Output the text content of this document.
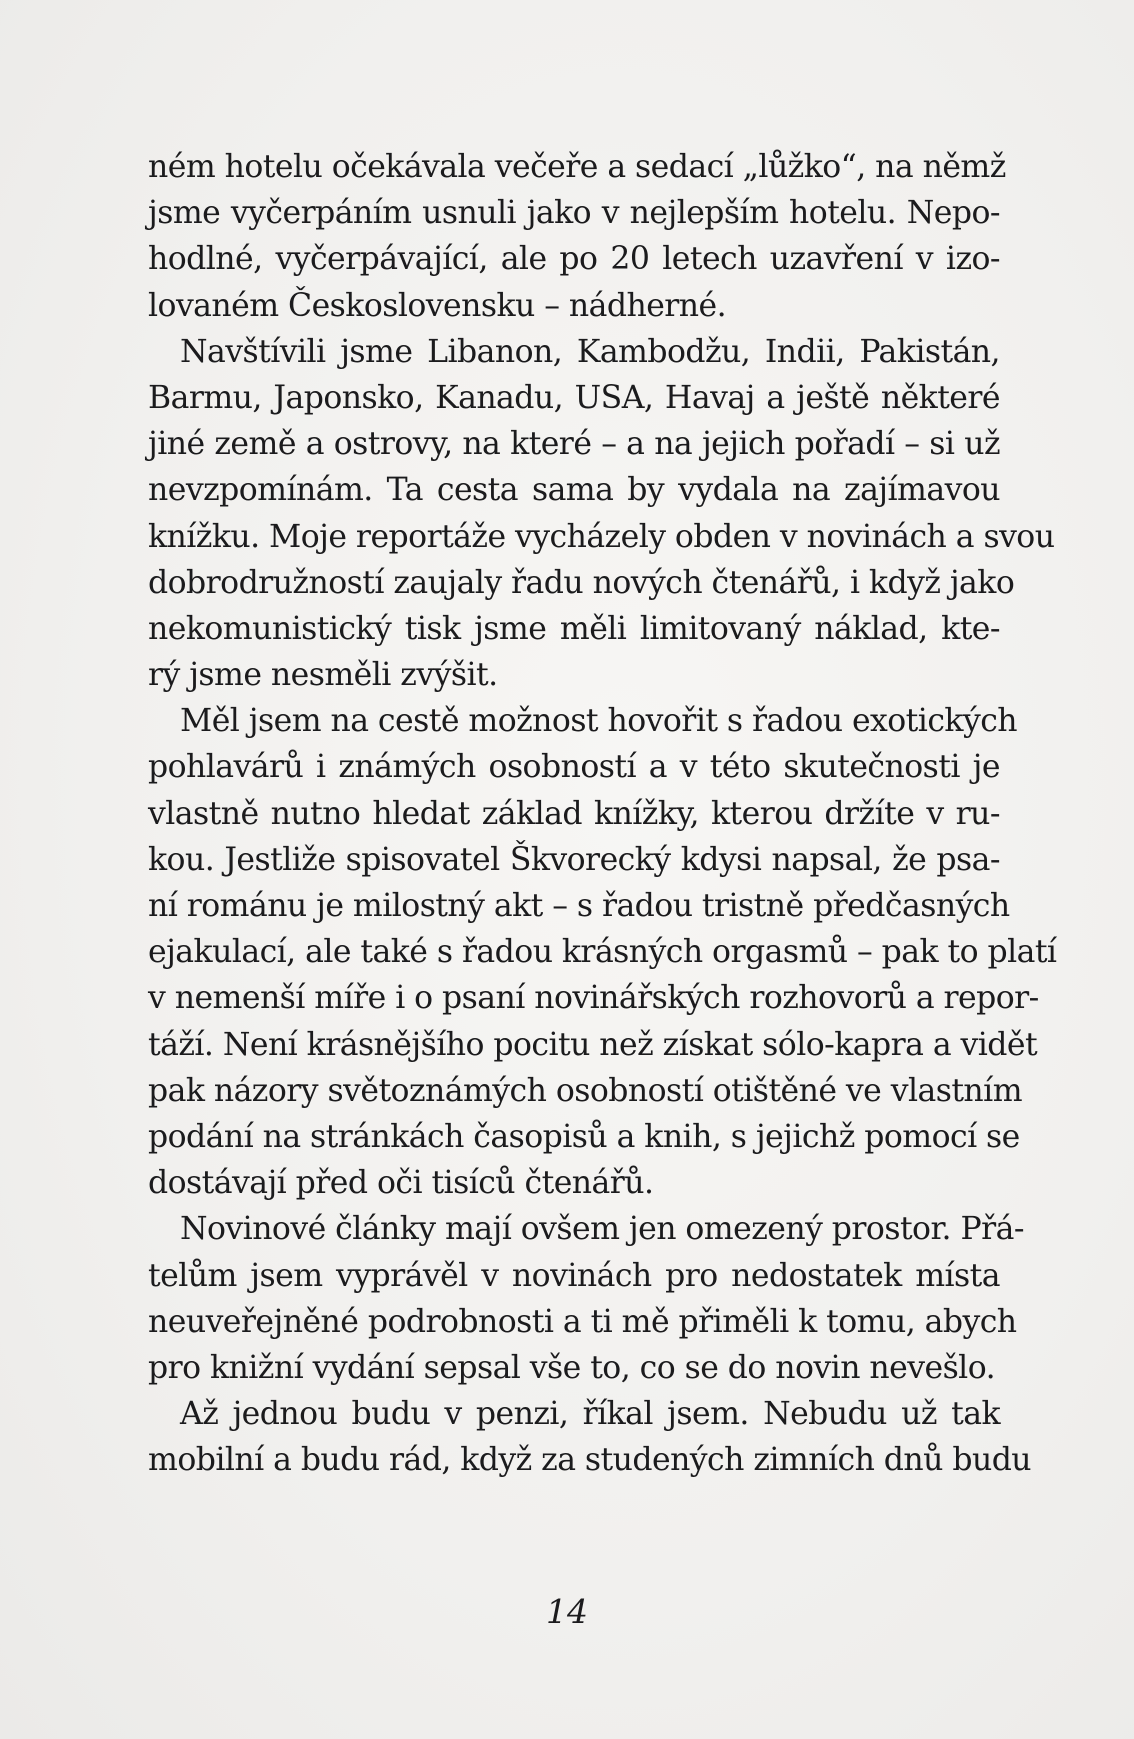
ném hotelu očekávala večeře a sedací „lůžko“, na němž
jsme vyčerpáním usnuli jako v nejlepším hotelu. Nepo-
hodlné, vyčerpávající, ale po 20 letech uzavření v izo-
lovaném Československu – nádherné.
Navštívili jsme Libanon, Kambodžu, Indii, Pakistán,
Barmu, Japonsko, Kanadu, USA, Havaj a ještě některé
jiné země a ostrovy, na které – a na jejich pořadí – si už
nevzpomínám. Ta cesta sama by vydala na zajímavou
knížku. Moje reportáže vycházely obden v novinách a svou
dobrodružností zaujaly řadu nových čtenářů, i když jako
nekomunistický tisk jsme měli limitovaný náklad, kte-
rý jsme nesměli zvýšit.
Měl jsem na cestě možnost hovořit s řadou exotických
pohlavárů i známých osobností a v této skutečnosti je
vlastně nutno hledat základ knížky, kterou držíte v ru-
kou. Jestliže spisovatel Škvorecký kdysi napsal, že psa-
ní románu je milostný akt – s řadou tristně předčasných
ejakulací, ale také s řadou krásných orgasmů – pak to platí
v nemenší míře i o psaní novinářských rozhovorů a repor-
táží. Není krásnějšího pocitu než získat sólo-kapra a vidět
pak názory světoznámých osobností otištěné ve vlastním
podání na stránkách časopisů a knih, s jejichž pomocí se
dostávají před oči tisíců čtenářů.
Novinové články mají ovšem jen omezený prostor. Přá-
telům jsem vyprávěl v novinách pro nedostatek místa
neuveřejněné podrobnosti a ti mě přiměli k tomu, abych
pro knižní vydání sepsal vše to, co se do novin nevešlo.
Až jednou budu v penzi, říkal jsem. Nebudu už tak
mobilní a budu rád, když za studených zimních dnů budu
14
